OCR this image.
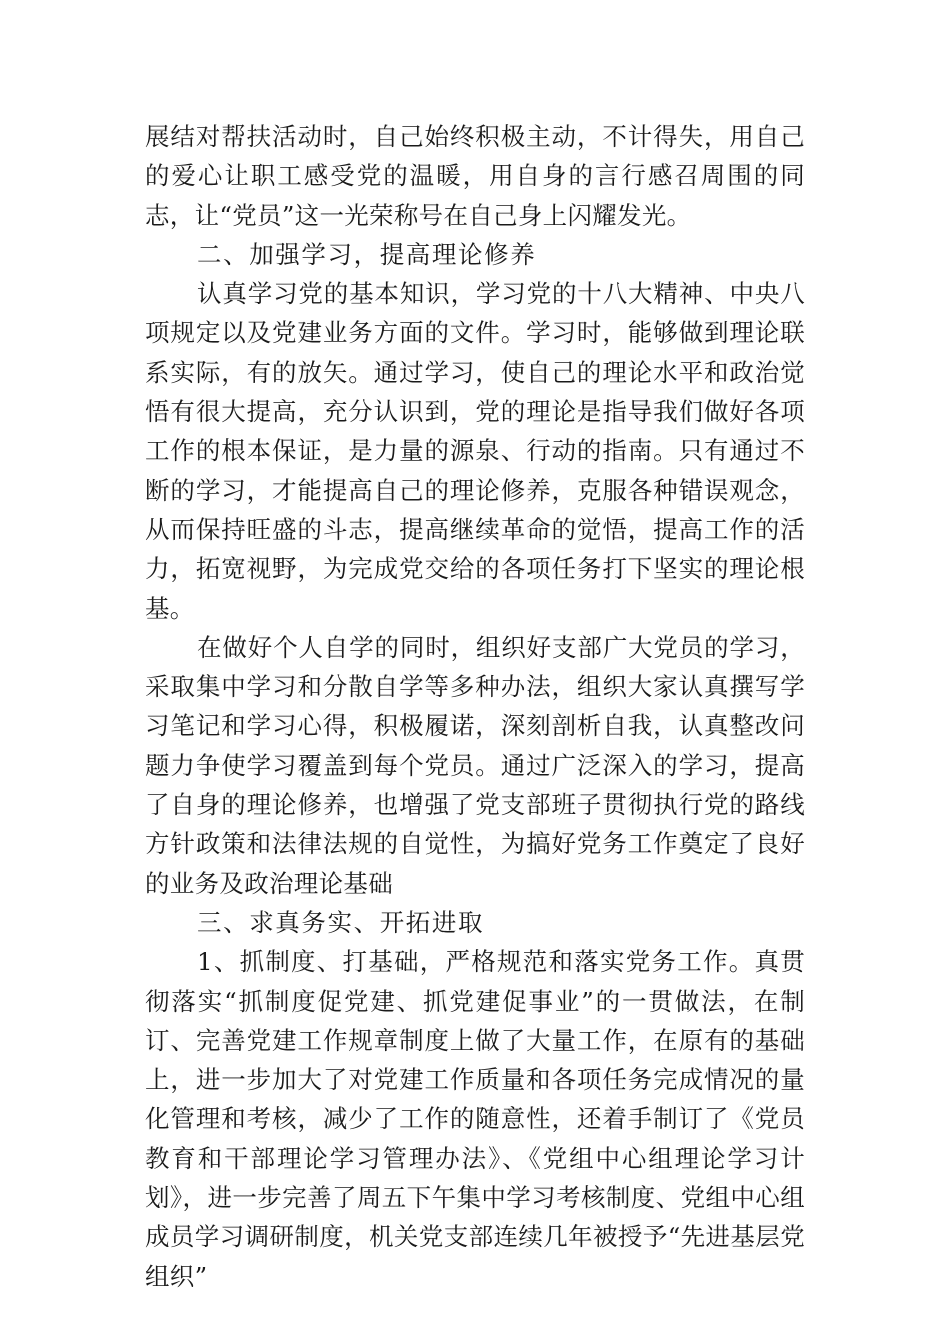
展结对帮扶活动时，自己始终积极主动，不计得失，用自己的爱心让职工感受党的温暖，用自身的言行感召周围的同志，让“党员”这一光荣称号在自己身上闪耀发光。

二、加强学习，提高理论修养

认真学习党的基本知识，学习党的十八大精神、中央八项规定以及党建业务方面的文件。学习时，能够做到理论联系实际，有的放矢。通过学习，使自己的理论水平和政治觉悟有很大提高，充分认识到，党的理论是指导我们做好各项工作的根本保证，是力量的源泉、行动的指南。只有通过不断的学习，才能提高自己的理论修养，克服各种错误观念，从而保持旺盛的斗志，提高继续革命的觉悟，提高工作的活力，拓宽视野，为完成党交给的各项任务打下坚实的理论根基。

在做好个人自学的同时，组织好支部广大党员的学习，采取集中学习和分散自学等多种办法，组织大家认真撰写学习笔记和学习心得，积极履诺，深刻剖析自我，认真整改问题力争使学习覆盖到每个党员。通过广泛深入的学习，提高了自身的理论修养，也增强了党支部班子贯彻执行党的路线方针政策和法律法规的自觉性，为搞好党务工作奠定了良好的业务及政治理论基础

三、求真务实、开拓进取

1、抓制度、打基础，严格规范和落实党务工作。真贯彻落实“抓制度促党建、抓党建促事业”的一贯做法，在制订、完善党建工作规章制度上做了大量工作，在原有的基础上，进一步加大了对党建工作质量和各项任务完成情况的量化管理和考核，减少了工作的随意性，还着手制订了《党员教育和干部理论学习管理办法》、《党组中心组理论学习计划》，进一步完善了周五下午集中学习考核制度、党组中心组成员学习调研制度，机关党支部连续几年被授予“先进基层党组织”
